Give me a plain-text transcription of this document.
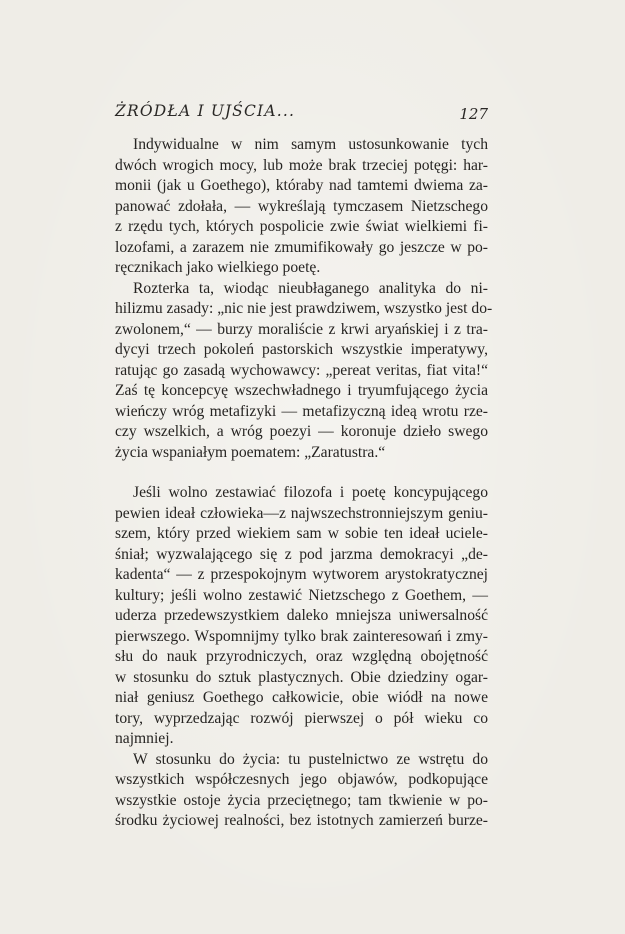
ŻRÓDŁA I UJŚCIA...	127
Indywidualne w nim samym ustosunkowanie tych
dwóch wrogich mocy, lub może brak trzeciej potęgi: har-
monii (jak u Goethego), któraby nad tamtemi dwiema za-
panować zdołała, — wykreślają tymczasem Nietzschego
z rzędu tych, których pospolicie zwie świat wielkiemi fi-
lozofami, a zarazem nie zmumifikowały go jeszcze w po-
ręcznikach jako wielkiego poetę.
Rozterka ta, wiodąc nieubłaganego analityka do ni-
hilizmu zasady: „nic nie jest prawdziwem, wszystko jest do-
zwolonem,“ — burzy moraliście z krwi aryańskiej i z tra-
dycyi trzech pokoleń pastorskich wszystkie imperatywy,
ratując go zasadą wychowawcy: „pereat veritas, fiat vita!“
Zaś tę koncepcyę wszechwładnego i tryumfującego życia
wieńczy wróg metafizyki — metafizyczną ideą wrotu rze-
czy wszelkich, a wróg poezyi — koronuje dzieło swego
życia wspaniałym poematem: „Zaratustra.“
Jeśli wolno zestawiać filozofa i poetę koncypującego
pewien ideał człowieka—z najwszechstronniejszym geniu-
szem, który przed wiekiem sam w sobie ten ideał uciele-
śniał; wyzwalającego się z pod jarzma demokracyi „de-
kadenta“ — z przespokojnym wytworem arystokratycznej
kultury; jeśli wolno zestawić Nietzschego z Goethem, —
uderza przedewszystkiem daleko mniejsza uniwersalność
pierwszego. Wspomnijmy tylko brak zainteresowań i zmy-
słu do nauk przyrodniczych, oraz względną obojętność
w stosunku do sztuk plastycznych. Obie dziedziny ogar-
niał geniusz Goethego całkowicie, obie wiódł na nowe
tory, wyprzedzając rozwój pierwszej o pół wieku co
najmniej.
W stosunku do życia: tu pustelnictwo ze wstrętu do
wszystkich współczesnych jego objawów, podkopujące
wszystkie ostoje życia przeciętnego; tam tkwienie w po-
środku życiowej realności, bez istotnych zamierzeń burze-
